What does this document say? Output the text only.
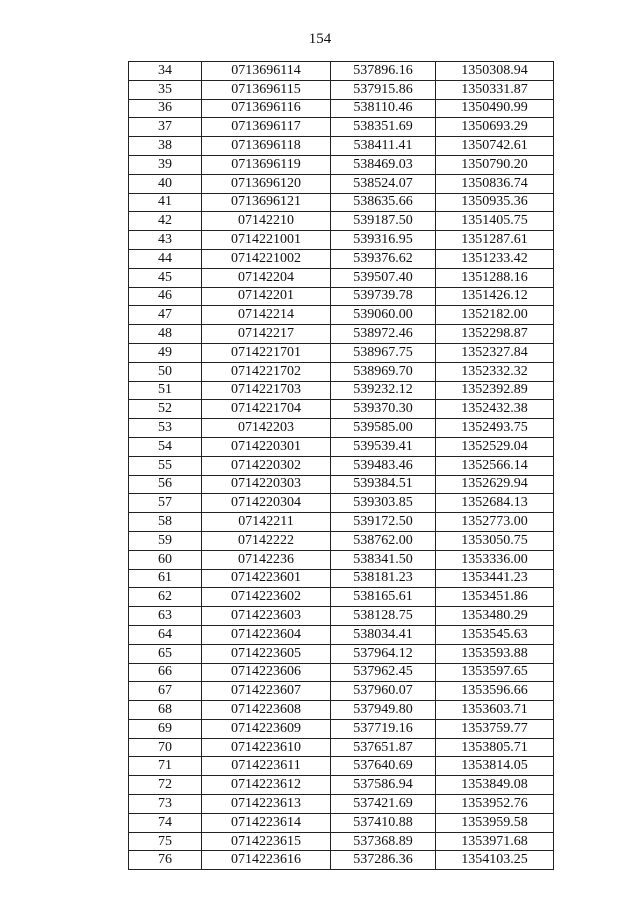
154
34	0713696114	537896.16	1350308.94
35	0713696115	537915.86	1350331.87
36	0713696116	538110.46	1350490.99
37	0713696117	538351.69	1350693.29
38	0713696118	538411.41	1350742.61
39	0713696119	538469.03	1350790.20
40	0713696120	538524.07	1350836.74
41	0713696121	538635.66	1350935.36
42	07142210	539187.50	1351405.75
43	0714221001	539316.95	1351287.61
44	0714221002	539376.62	1351233.42
45	07142204	539507.40	1351288.16
46	07142201	539739.78	1351426.12
47	07142214	539060.00	1352182.00
48	07142217	538972.46	1352298.87
49	0714221701	538967.75	1352327.84
50	0714221702	538969.70	1352332.32
51	0714221703	539232.12	1352392.89
52	0714221704	539370.30	1352432.38
53	07142203	539585.00	1352493.75
54	0714220301	539539.41	1352529.04
55	0714220302	539483.46	1352566.14
56	0714220303	539384.51	1352629.94
57	0714220304	539303.85	1352684.13
58	07142211	539172.50	1352773.00
59	07142222	538762.00	1353050.75
60	07142236	538341.50	1353336.00
61	0714223601	538181.23	1353441.23
62	0714223602	538165.61	1353451.86
63	0714223603	538128.75	1353480.29
64	0714223604	538034.41	1353545.63
65	0714223605	537964.12	1353593.88
66	0714223606	537962.45	1353597.65
67	0714223607	537960.07	1353596.66
68	0714223608	537949.80	1353603.71
69	0714223609	537719.16	1353759.77
70	0714223610	537651.87	1353805.71
71	0714223611	537640.69	1353814.05
72	0714223612	537586.94	1353849.08
73	0714223613	537421.69	1353952.76
74	0714223614	537410.88	1353959.58
75	0714223615	537368.89	1353971.68
76	0714223616	537286.36	1354103.25
